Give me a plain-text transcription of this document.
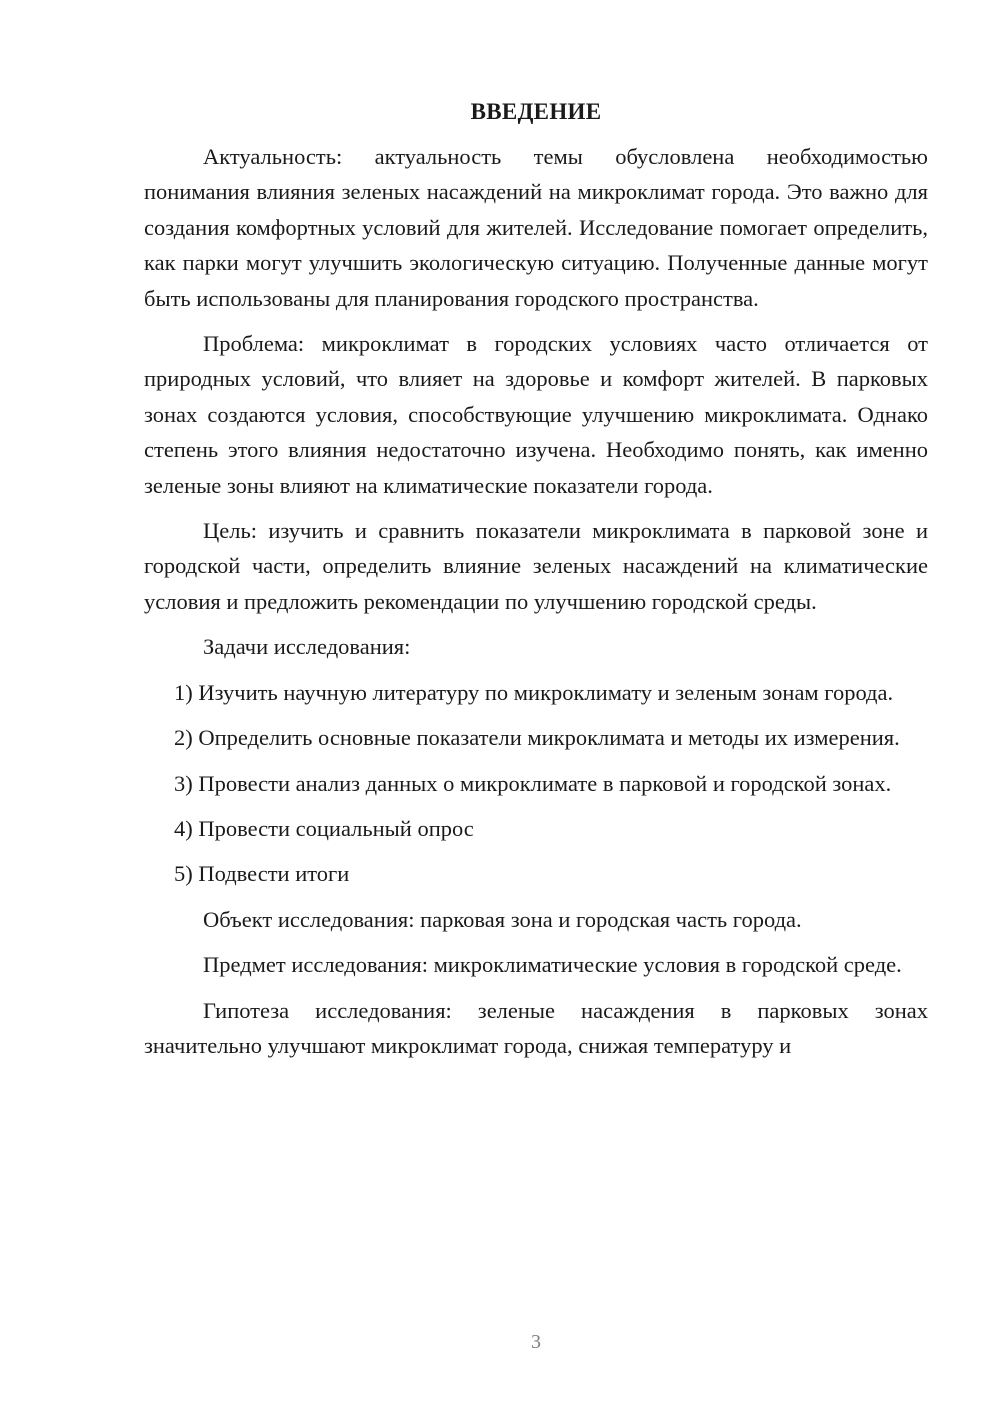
ВВЕДЕНИЕ

Актуальность: актуальность темы обусловлена необходимостью понимания влияния зеленых насаждений на микроклимат города. Это важно для создания комфортных условий для жителей. Исследование помогает определить, как парки могут улучшить экологическую ситуацию. Полученные данные могут быть использованы для планирования городского пространства.

Проблема: микроклимат в городских условиях часто отличается от природных условий, что влияет на здоровье и комфорт жителей. В парковых зонах создаются условия, способствующие улучшению микроклимата. Однако степень этого влияния недостаточно изучена. Необходимо понять, как именно зеленые зоны влияют на климатические показатели города.

Цель: изучить и сравнить показатели микроклимата в парковой зоне и городской части, определить влияние зеленых насаждений на климатические условия и предложить рекомендации по улучшению городской среды.

Задачи исследования:

1) Изучить научную литературу по микроклимату и зеленым зонам города.

2) Определить основные показатели микроклимата и методы их измерения.

3) Провести анализ данных о микроклимате в парковой и городской зонах.

4) Провести социальный опрос

5) Подвести итоги

Объект исследования: парковая зона и городская часть города.

Предмет исследования: микроклиматические условия в городской среде.

Гипотеза исследования: зеленые насаждения в парковых зонах значительно улучшают микроклимат города, снижая температуру и

3
